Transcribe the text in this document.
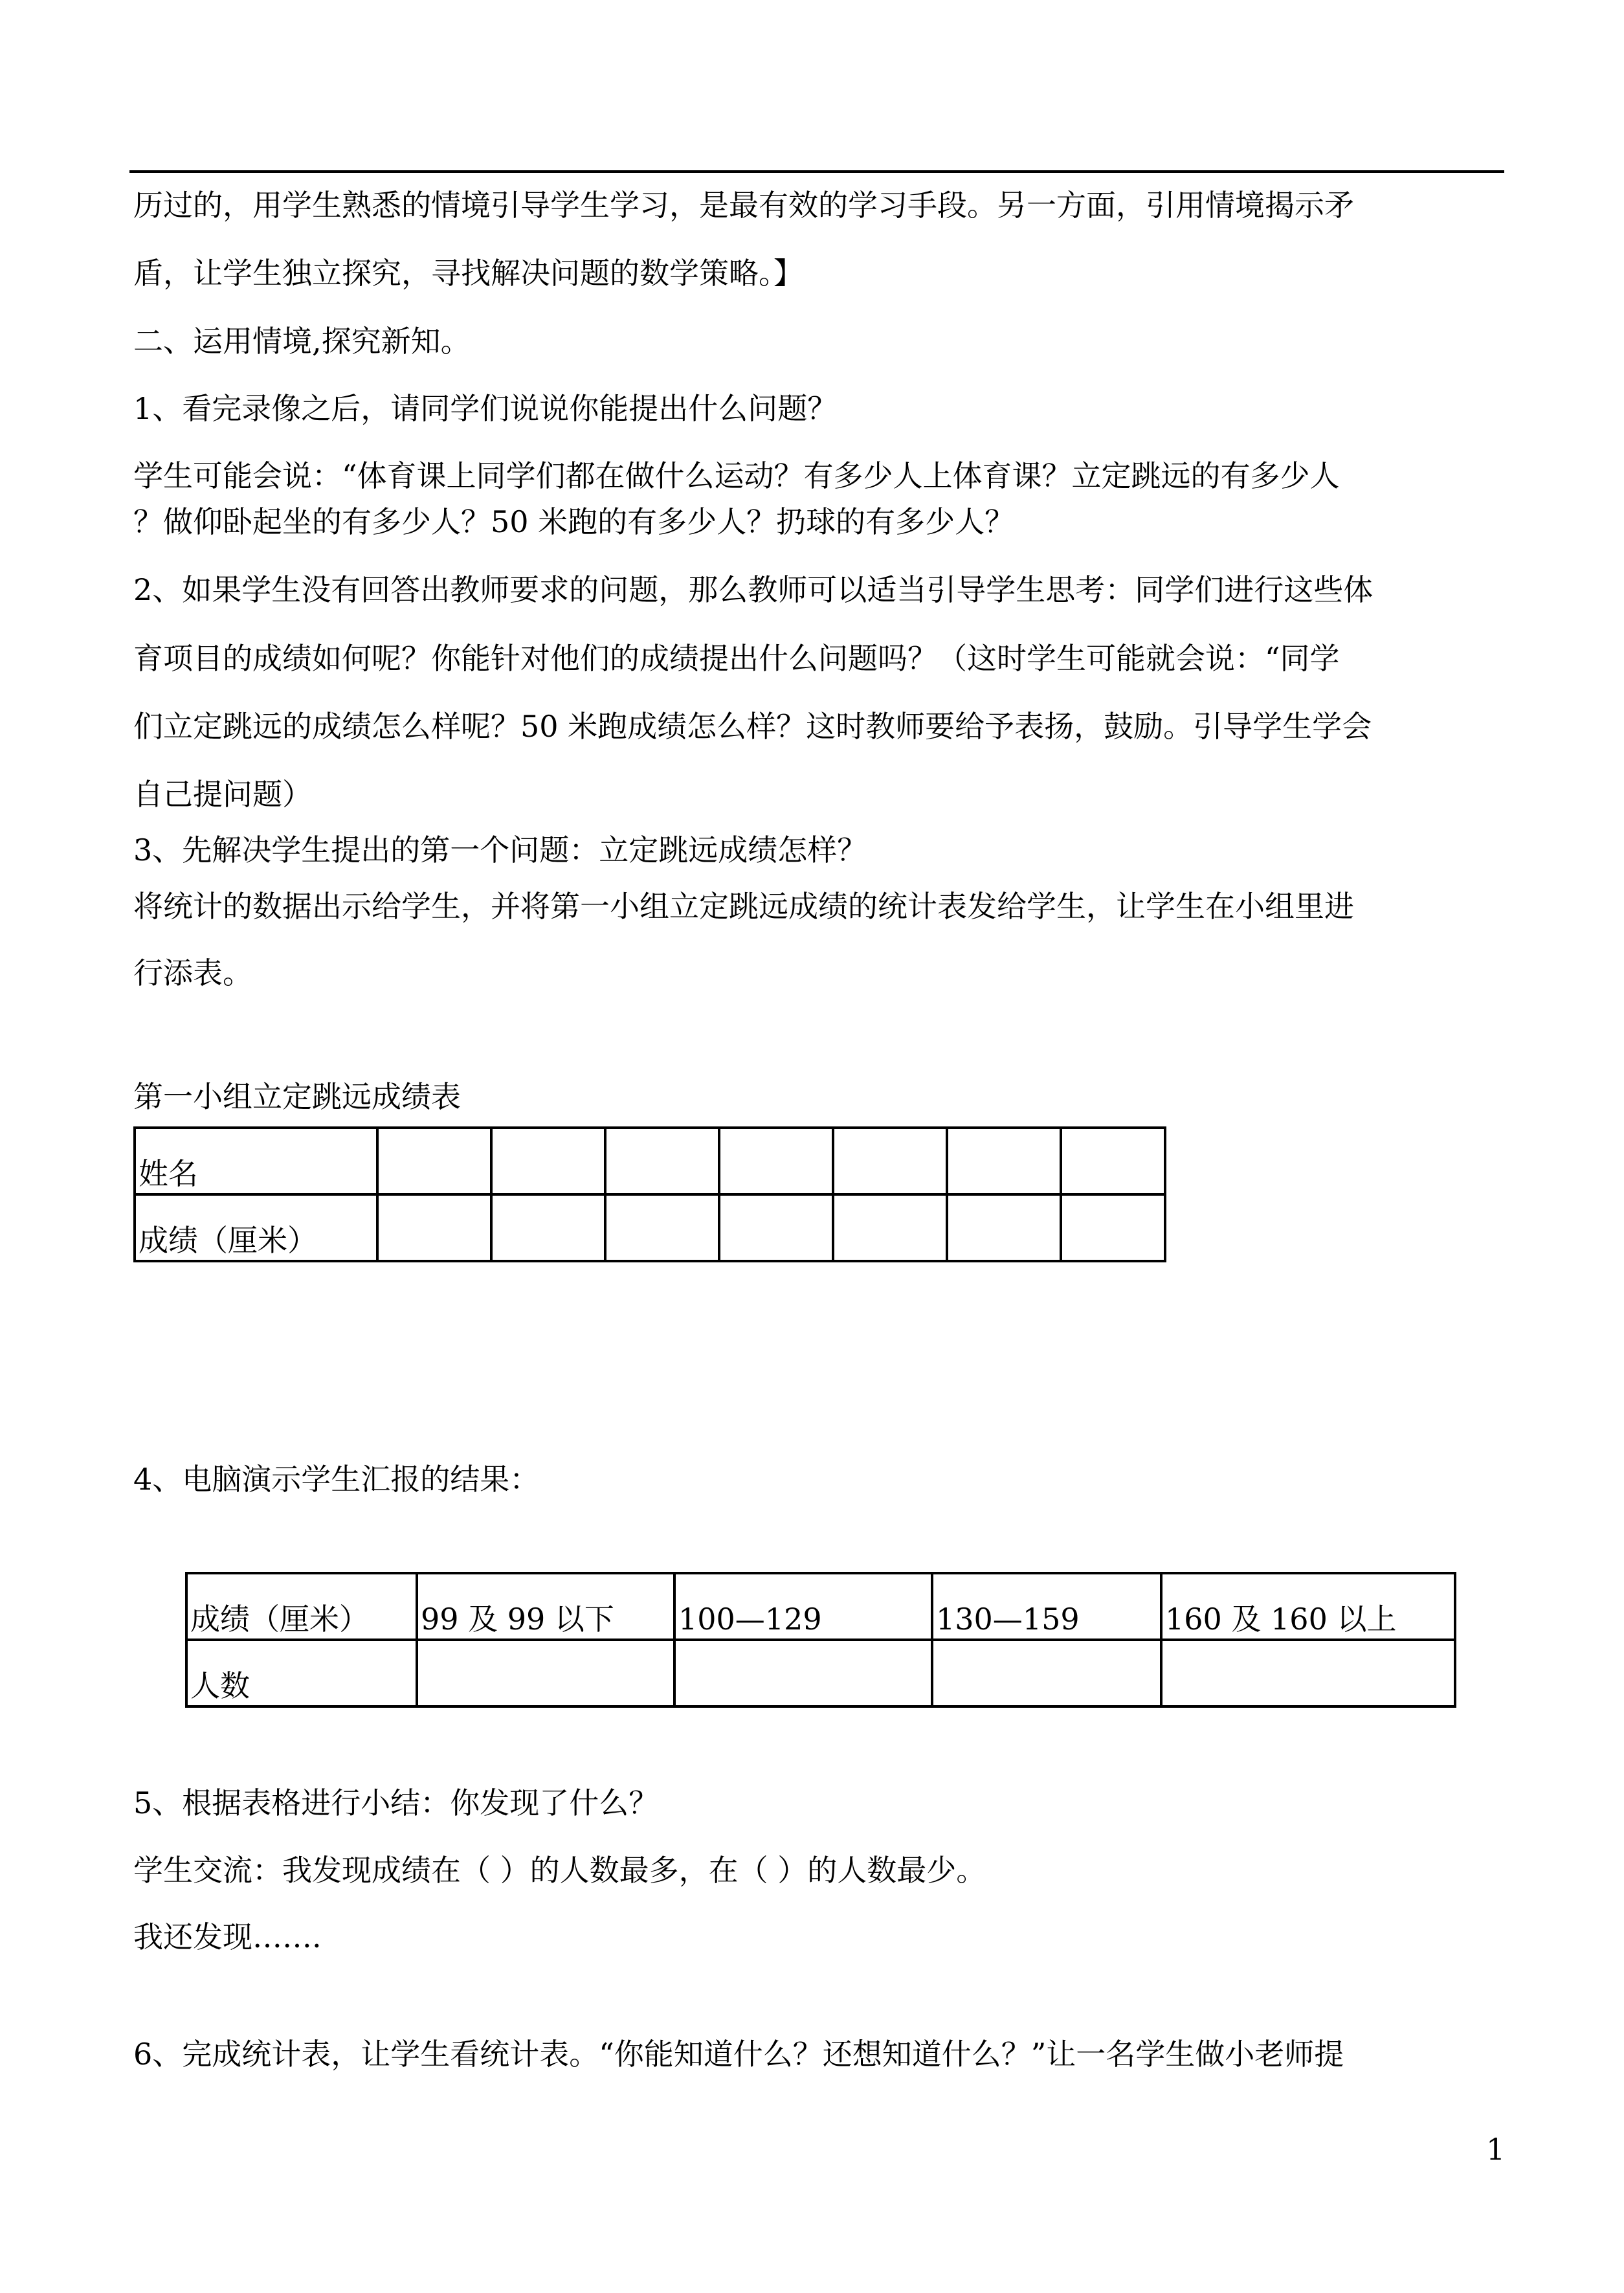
历过的，用学生熟悉的情境引导学生学习，是最有效的学习手段。另一方面，引用情境揭示矛
盾，让学生独立探究，寻找解决问题的数学策略。】
二、运用情境,探究新知。
1、看完录像之后，请同学们说说你能提出什么问题？
学生可能会说：“体育课上同学们都在做什么运动？有多少人上体育课？立定跳远的有多少人
？做仰卧起坐的有多少人？50 米跑的有多少人？扔球的有多少人？
2、如果学生没有回答出教师要求的问题，那么教师可以适当引导学生思考：同学们进行这些体
育项目的成绩如何呢？你能针对他们的成绩提出什么问题吗？（这时学生可能就会说：“同学
们立定跳远的成绩怎么样呢？50 米跑成绩怎么样？这时教师要给予表扬，鼓励。引导学生学会
自己提问题）
3、先解决学生提出的第一个问题：立定跳远成绩怎样？
将统计的数据出示给学生，并将第一小组立定跳远成绩的统计表发给学生，让学生在小组里进
行添表。
第一小组立定跳远成绩表
姓名							
成绩（厘米）							
4、电脑演示学生汇报的结果：
成绩（厘米）	99 及 99 以下	100—129	130—159	160 及 160 以上
人数				
5、根据表格进行小结：你发现了什么？
学生交流：我发现成绩在（ ）的人数最多，在（ ）的人数最少。
我还发现…….
6、完成统计表，让学生看统计表。“你能知道什么？还想知道什么？”让一名学生做小老师提
1
